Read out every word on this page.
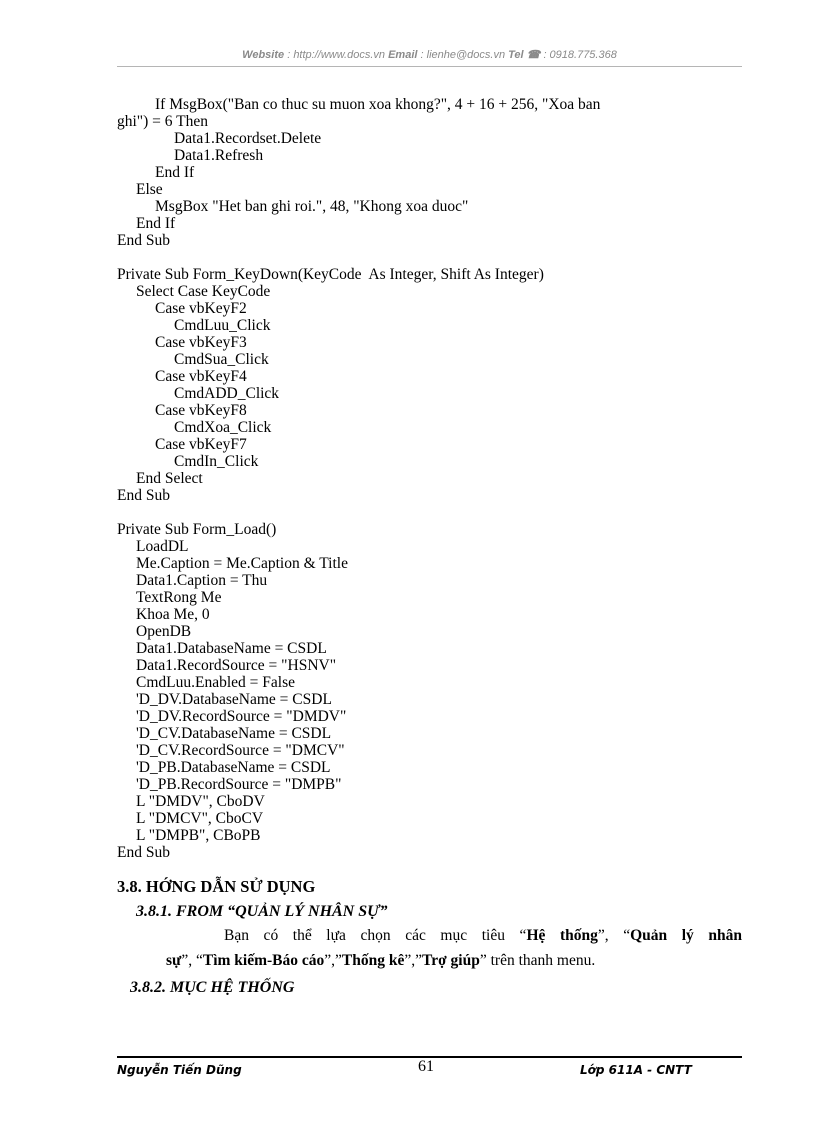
Website : http://www.docs.vn Email : lienhe@docs.vn Tel ☎ : 0918.775.368
If MsgBox("Ban co thuc su muon xoa khong?", 4 + 16 + 256, "Xoa ban
ghi") = 6 Then
Data1.Recordset.Delete
Data1.Refresh
End If
Else
MsgBox "Het ban ghi roi.", 48, "Khong xoa duoc"
End If
End Sub
Private Sub Form_KeyDown(KeyCode  As Integer, Shift As Integer)
Select Case KeyCode
Case vbKeyF2
CmdLuu_Click
Case vbKeyF3
CmdSua_Click
Case vbKeyF4
CmdADD_Click
Case vbKeyF8
CmdXoa_Click
Case vbKeyF7
CmdIn_Click
End Select
End Sub
Private Sub Form_Load()
LoadDL
Me.Caption = Me.Caption & Title
Data1.Caption = Thu
TextRong Me
Khoa Me, 0
OpenDB
Data1.DatabaseName = CSDL
Data1.RecordSource = "HSNV"
CmdLuu.Enabled = False
'D_DV.DatabaseName = CSDL
'D_DV.RecordSource = "DMDV"
'D_CV.DatabaseName = CSDL
'D_CV.RecordSource = "DMCV"
'D_PB.DatabaseName = CSDL
'D_PB.RecordSource = "DMPB"
L "DMDV", CboDV
L "DMCV", CboCV
L "DMPB", CBoPB
End Sub
3.8. HỚNG DẪN SỬ DỤNG
3.8.1. FROM “QUẢN LÝ NHÂN SỰ”
Bạn có thể lựa chọn các mục tiêu “Hệ thống”, “Quản lý nhân
sự”, “Tìm kiếm-Báo cáo”,”Thống kê”,”Trợ giúp” trên thanh menu.
3.8.2. MỤC HỆ THỐNG
Nguyễn Tiến Dũng	61	Lớp 611A - CNTT
